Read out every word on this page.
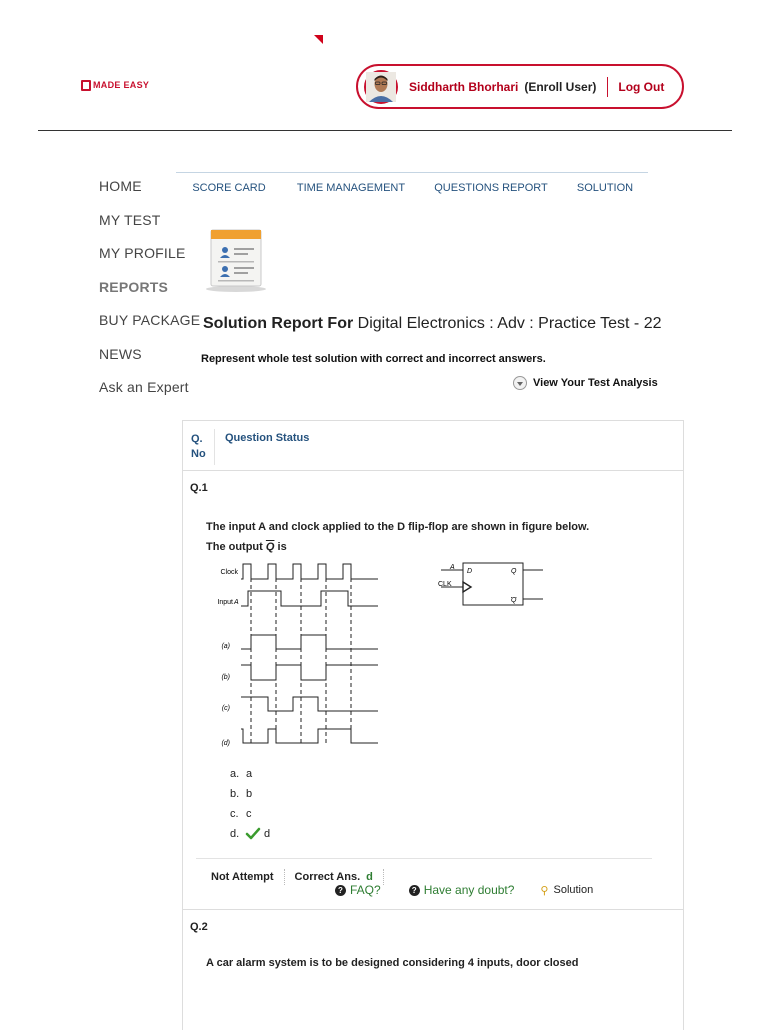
MADE EASY	Siddharth Bhorhari (Enroll User) Log Out
HOME
MY TEST
MY PROFILE
REPORTS
BUY PACKAGE
NEWS
Ask an Expert
SCORE CARD	TIME MANAGEMENT	QUESTIONS REPORT	SOLUTION
Solution Report For Digital Electronics : Adv : Practice Test - 22
Represent whole test solution with correct and incorrect answers.
View Your Test Analysis
Q.
No
Question Status
Q.1
The input A and clock applied to the D flip-flop are shown in figure below.
The output $\overline{Q}$ is
Clock
Input A
(a)
(b)
(c)
(d)
A
CLK
D	Q
Q
a. a
b. b
c. c
d.	d
Not Attempt Correct Ans. d
? FAQ?	? Have any doubt? ⚲ Solution
Q.2
A car alarm system is to be designed considering 4 inputs, door closed
